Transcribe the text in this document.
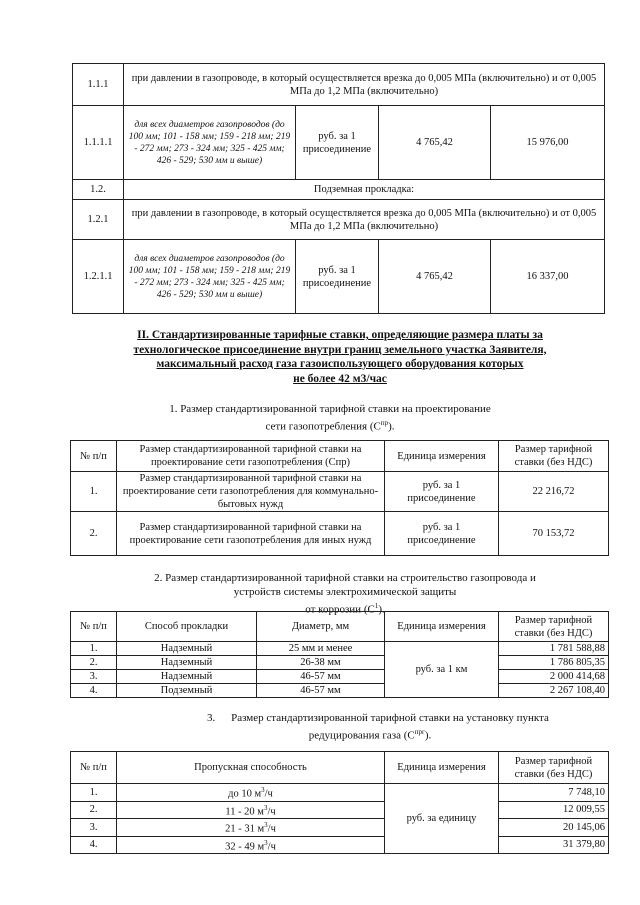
1.1.1	при давлении в газопроводе, в который осуществляется врезка до 0,005 МПа (включительно) и от 0,005 МПа до 1,2 МПа (включительно)			
1.1.1.1	для всех диаметров газопроводов (до 100 мм; 101 - 158 мм; 159 - 218 мм; 219 - 272 мм; 273 - 324 мм; 325 - 425 мм; 426 - 529; 530 мм и выше)	руб. за 1 присоединение	4 765,42	15 976,00
1.2.	Подземная прокладка:			
1.2.1	при давлении в газопроводе, в который осуществляется врезка до 0,005 МПа (включительно) и от 0,005 МПа до 1,2 МПа (включительно)			
1.2.1.1	для всех диаметров газопроводов (до 100 мм; 101 - 158 мм; 159 - 218 мм; 219 - 272 мм; 273 - 324 мм; 325 - 425 мм; 426 - 529; 530 мм и выше)	руб. за 1 присоединение	4 765,42	16 337,00
II. Стандартизированные тарифные ставки, определяющие размера платы за
технологическое присоединение внутри границ земельного участка Заявителя,
максимальный расход газа газоиспользующего оборудования которых
не более 42 м3/час
1. Размер стандартизированной тарифной ставки на проектирование
сети газопотребления $(С^{пр})$.
№ п/п	Размер стандартизированной тарифной ставки на проектирование сети газопотребления (Спр)	Единица измерения	Размер тарифной ставки (без НДС)
1.	Размер стандартизированной тарифной ставки на проектирование сети газопотребления для коммунально-бытовых нужд	руб. за 1 присоединение	22 216,72
2.	Размер стандартизированной тарифной ставки на проектирование сети газопотребления для иных нужд	руб. за 1 присоединение	70 153,72
2. Размер стандартизированной тарифной ставки на строительство газопровода и
устройств системы электрохимической защиты
от коррозии $(С^1)$.
№ п/п	Способ прокладки	Диаметр, мм	Единица измерения	Размер тарифной ставки (без НДС)
1.	Надземный	25 мм и менее	руб. за 1 км	1 781 588,88
2.	Надземный	26-38 мм		1 786 805,35
3.	Надземный	46-57 мм		2 000 414,68
4.	Подземный	46-57 мм		2 267 108,40
3. Размер стандартизированной тарифной ставки на установку пункта
редуцирования газа $(С^{прг})$.
№ п/п	Пропускная способность	Единица измерения	Размер тарифной ставки (без НДС)
1.	до 10 $м^3/ч$	руб. за единицу	7 748,10
2.	11 - 20 $м^3/ч$		12 009,55
3.	21 - 31 $м^3/ч$		20 145,06
4.	32 - 49 $м^3/ч$		31 379,80
